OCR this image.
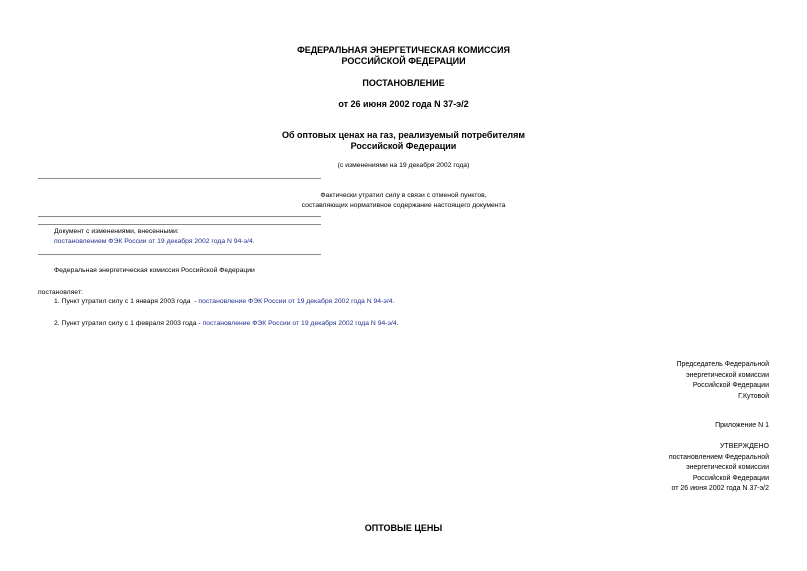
ФЕДЕРАЛЬНАЯ ЭНЕРГЕТИЧЕСКАЯ КОМИССИЯ
РОССИЙСКОЙ ФЕДЕРАЦИИ
ПОСТАНОВЛЕНИЕ
от 26 июня 2002 года N 37-э/2
Об оптовых ценах на газ, реализуемый потребителям
Российской Федерации
(с изменениями на 19 декабря 2002 года)
Фактически утратил силу в связи с отменой пунктов,
составляющих нормативное содержание настоящего документа
Документ с изменениями, внесенными:
постановлением ФЭК России от 19 декабря 2002 года N 94-э/4.
Федеральная энергетическая комиссия Российской Федерации
постановляет:
1. Пункт утратил силу с 1 января 2003 года  - постановление ФЭК России от 19 декабря 2002 года N 94-э/4.
2. Пункт утратил силу с 1 февраля 2003 года - постановление ФЭК России от 19 декабря 2002 года N 94-э/4.
Председатель Федеральной
энергетической комиссии
Российской Федерации
Г.Кутовой
Приложение N 1
УТВЕРЖДЕНО
постановлением Федеральной
энергетической комиссии
Российской Федерации
от 26 июня 2002 года N 37-э/2
ОПТОВЫЕ ЦЕНЫ
